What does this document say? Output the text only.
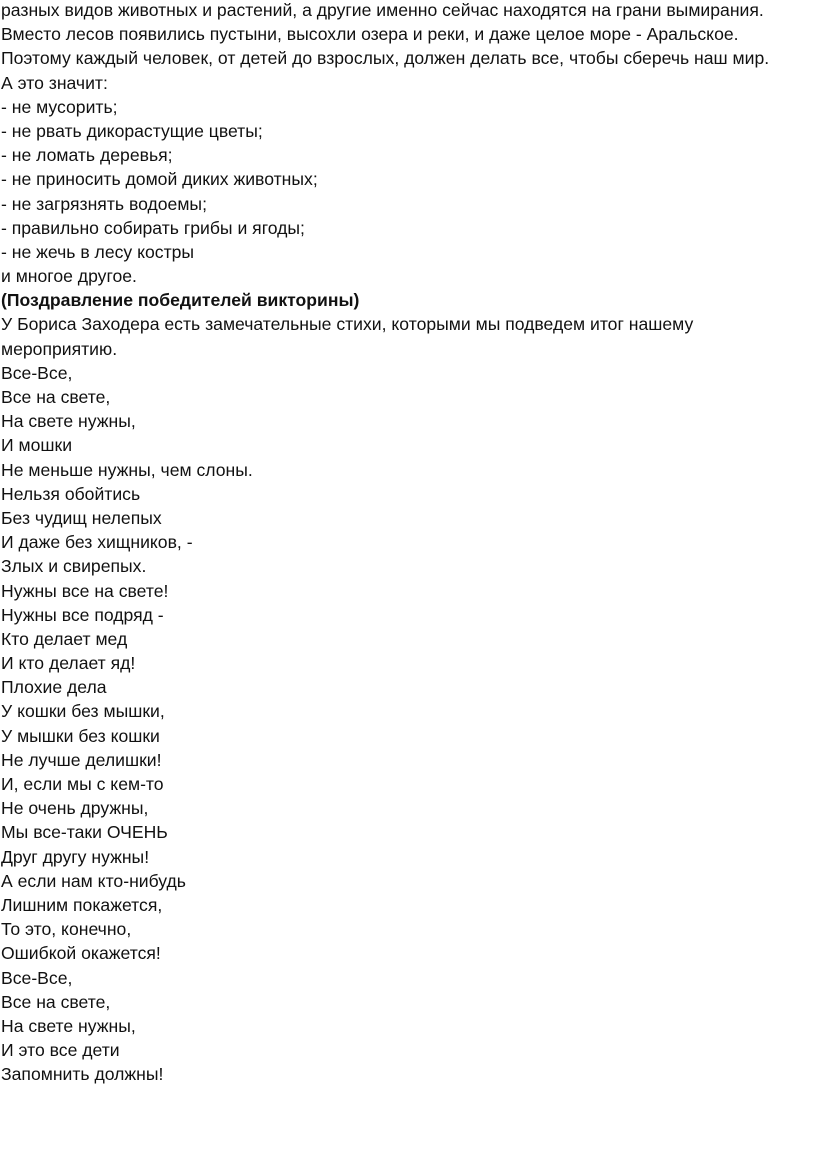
разных видов животных и растений, а другие именно сейчас находятся на грани вымирания.

Вместо лесов появились пустыни, высохли озера и реки, и даже целое море - Аральское.

Поэтому каждый человек, от детей до взрослых, должен делать все, чтобы сберечь наш мир.

А это значит:

- не мусорить;

- не рвать дикорастущие цветы;

- не ломать деревья;

- не приносить домой диких животных;

- не загрязнять водоемы;

- правильно собирать грибы и ягоды;

- не жечь в лесу костры

и многое другое.

(Поздравление победителей викторины)

У Бориса Заходера есть замечательные стихи, которыми мы подведем итог нашему

мероприятию.

Все-Все,

Все на свете,

На свете нужны,

И мошки

Не меньше нужны, чем слоны.

Нельзя обойтись

Без чудищ нелепых

И даже без хищников, -

Злых и свирепых.

Нужны все на свете!

Нужны все подряд -

Кто делает мед

И кто делает яд!

Плохие дела

У кошки без мышки,

У мышки без кошки

Не лучше делишки!

И, если мы с кем-то

Не очень дружны,

Мы все-таки ОЧЕНЬ

Друг другу нужны!

А если нам кто-нибудь

Лишним покажется,

То это, конечно,

Ошибкой окажется!

Все-Все,

Все на свете,

На свете нужны,

И это все дети

Запомнить должны!
